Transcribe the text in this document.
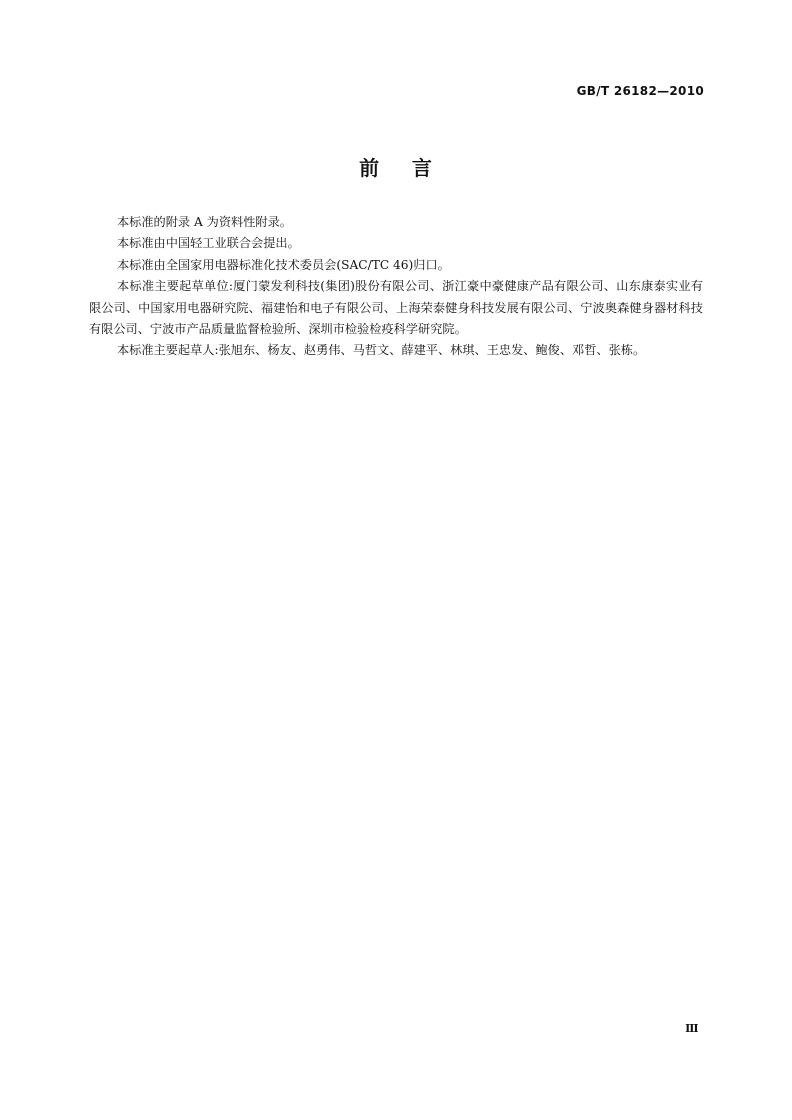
GB/T 26182—2010
前    言

本标准的附录 A 为资料性附录。

本标准由中国轻工业联合会提出。

本标准由全国家用电器标准化技术委员会(SAC/TC 46)归口。

本标准主要起草单位:厦门蒙发利科技(集团)股份有限公司、浙江豪中豪健康产品有限公司、山东康泰实业有限公司、中国家用电器研究院、福建怡和电子有限公司、上海荣泰健身科技发展有限公司、宁波奥森健身器材科技有限公司、宁波市产品质量监督检验所、深圳市检验检疫科学研究院。

本标准主要起草人:张旭东、杨友、赵勇伟、马哲文、薛建平、林琪、王忠发、鲍俊、邓哲、张栋。

Ⅲ
